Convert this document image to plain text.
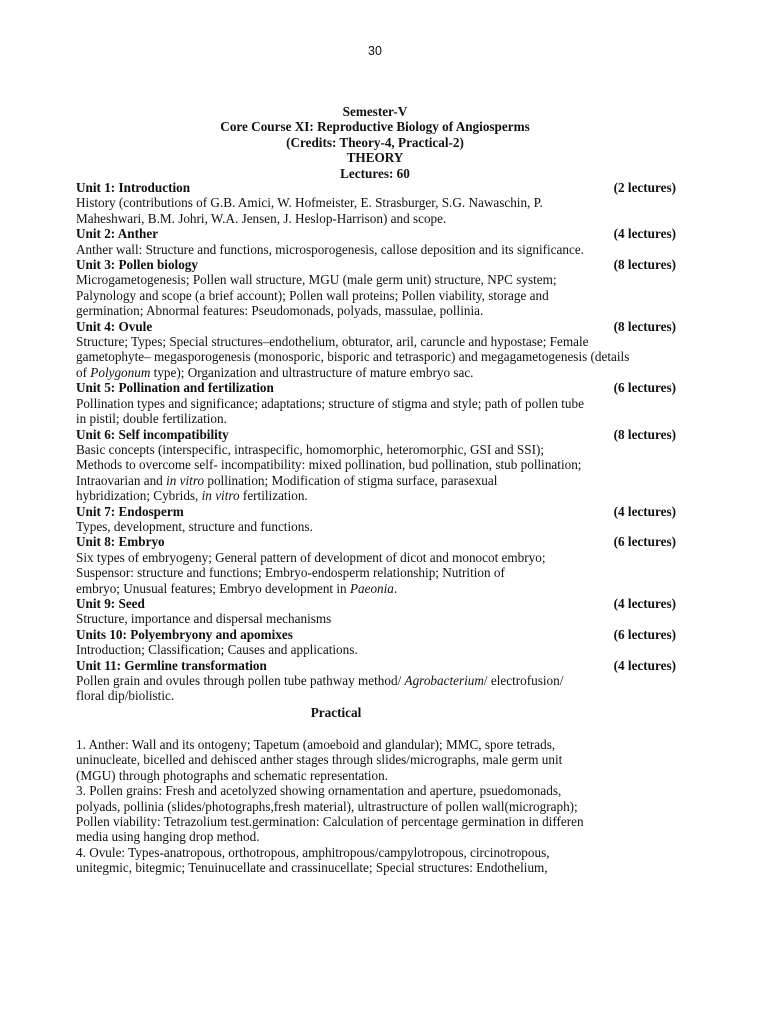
30
Semester-V
Core Course XI: Reproductive Biology of Angiosperms
(Credits: Theory-4, Practical-2)
THEORY
Lectures: 60
Unit 1: Introduction	(2 lectures)
History (contributions of G.B. Amici, W. Hofmeister, E. Strasburger, S.G. Nawaschin, P.
Maheshwari, B.M. Johri, W.A. Jensen, J. Heslop-Harrison) and scope.
Unit 2: Anther	(4 lectures)
Anther wall: Structure and functions, microsporogenesis, callose deposition and its significance.
Unit 3: Pollen biology	(8 lectures)
Microgametogenesis; Pollen wall structure, MGU (male germ unit) structure, NPC system;
Palynology and scope (a brief account); Pollen wall proteins; Pollen viability, storage and
germination; Abnormal features: Pseudomonads, polyads, massulae, pollinia.
Unit 4: Ovule	(8 lectures)
Structure; Types; Special structures–endothelium, obturator, aril, caruncle and hypostase; Female
gametophyte– megasporogenesis (monosporic, bisporic and tetrasporic) and megagametogenesis (details
of Polygonum type); Organization and ultrastructure of mature embryo sac.
Unit 5: Pollination and fertilization	(6 lectures)
Pollination types and significance; adaptations; structure of stigma and style; path of pollen tube
in pistil; double fertilization.
Unit 6: Self incompatibility	(8 lectures)
Basic concepts (interspecific, intraspecific, homomorphic, heteromorphic, GSI and SSI);
Methods to overcome self- incompatibility: mixed pollination, bud pollination, stub pollination;
Intraovarian and in vitro pollination; Modification of stigma surface, parasexual
hybridization; Cybrids, in vitro fertilization.
Unit 7: Endosperm	(4 lectures)
Types, development, structure and functions.
Unit 8: Embryo	(6 lectures)
Six types of embryogeny; General pattern of development of dicot and monocot embryo;
Suspensor: structure and functions; Embryo-endosperm relationship; Nutrition of
embryo; Unusual features; Embryo development in Paeonia.
Unit 9: Seed	(4 lectures)
Structure, importance and dispersal mechanisms
Units 10: Polyembryony and apomixes	(6 lectures)
Introduction; Classification; Causes and applications.
Unit 11: Germline transformation	(4 lectures)
Pollen grain and ovules through pollen tube pathway method/ Agrobacterium/ electrofusion/
floral dip/biolistic.
Practical
1. Anther: Wall and its ontogeny; Tapetum (amoeboid and glandular); MMC, spore tetrads,
uninucleate, bicelled and dehisced anther stages through slides/micrographs, male germ unit
(MGU) through photographs and schematic representation.
3. Pollen grains: Fresh and acetolyzed showing ornamentation and aperture, psuedomonads,
polyads, pollinia (slides/photographs,fresh material), ultrastructure of pollen wall(micrograph);
Pollen viability: Tetrazolium test.germination: Calculation of percentage germination in differen
media using hanging drop method.
4. Ovule: Types-anatropous, orthotropous, amphitropous/campylotropous, circinotropous,
unitegmic, bitegmic; Tenuinucellate and crassinucellate; Special structures: Endothelium,
